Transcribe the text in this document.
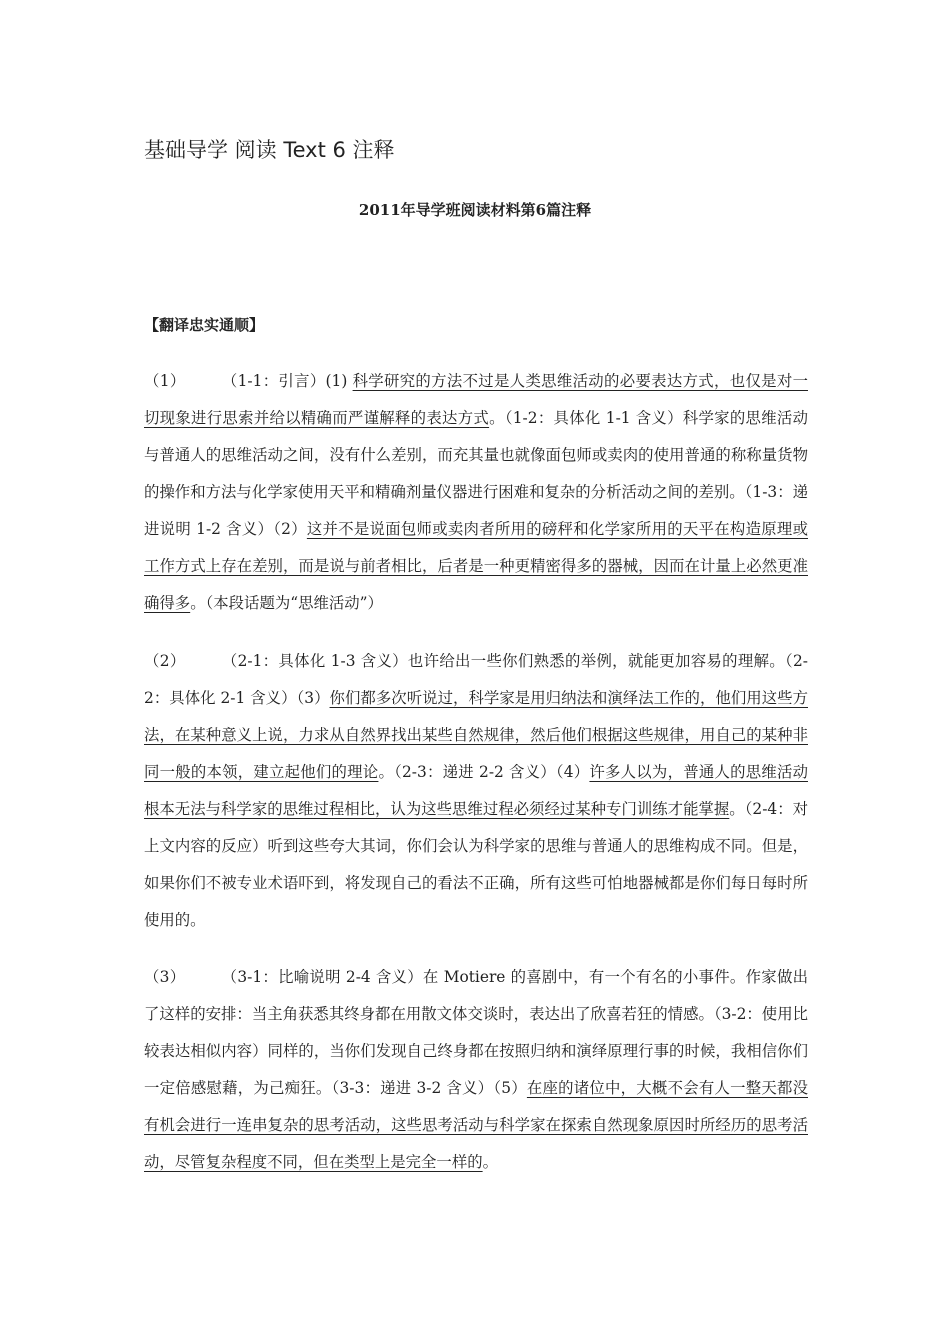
基础导学 阅读 Text 6 注释
2011年导学班阅读材料第6篇注释
【翻译忠实通顺】

（1） （1-1：引言）(1) 科学研究的方法不过是人类思维活动的必要表达方式，也仅是对一切现象进行思索并给以精确而严谨解释的表达方式。（1-2：具体化 1-1 含义）科学家的思维活动与普通人的思维活动之间，没有什么差别，而充其量也就像面包师或卖肉的使用普通的称称量货物的操作和方法与化学家使用天平和精确剂量仪器进行困难和复杂的分析活动之间的差别。（1-3：递进说明 1-2 含义）（2）这并不是说面包师或卖肉者所用的磅秤和化学家所用的天平在构造原理或工作方式上存在差别，而是说与前者相比，后者是一种更精密得多的器械，因而在计量上必然更准确得多。（本段话题为“思维活动”）

（2） （2-1：具体化 1-3 含义）也许给出一些你们熟悉的举例，就能更加容易的理解。（2-2：具体化 2-1 含义）（3）你们都多次听说过，科学家是用归纳法和演绎法工作的，他们用这些方法，在某种意义上说，力求从自然界找出某些自然规律，然后他们根据这些规律，用自己的某种非同一般的本领，建立起他们的理论。（2-3：递进 2-2 含义）（4）许多人以为，普通人的思维活动根本无法与科学家的思维过程相比，认为这些思维过程必须经过某种专门训练才能掌握。（2-4：对上文内容的反应）听到这些夸大其词，你们会认为科学家的思维与普通人的思维构成不同。但是，如果你们不被专业术语吓到，将发现自己的看法不正确，所有这些可怕地器械都是你们每日每时所使用的。

（3） （3-1：比喻说明 2-4 含义）在 Motiere 的喜剧中，有一个有名的小事件。作家做出了这样的安排：当主角获悉其终身都在用散文体交谈时，表达出了欣喜若狂的情感。（3-2：使用比较表达相似内容）同样的，当你们发现自己终身都在按照归纳和演绎原理行事的时候，我相信你们一定倍感慰藉，为己痴狂。（3-3：递进 3-2 含义）（5）在座的诸位中，大概不会有人一整天都没有机会进行一连串复杂的思考活动，这些思考活动与科学家在探索自然现象原因时所经历的思考活动，尽管复杂程度不同，但在类型上是完全一样的。
